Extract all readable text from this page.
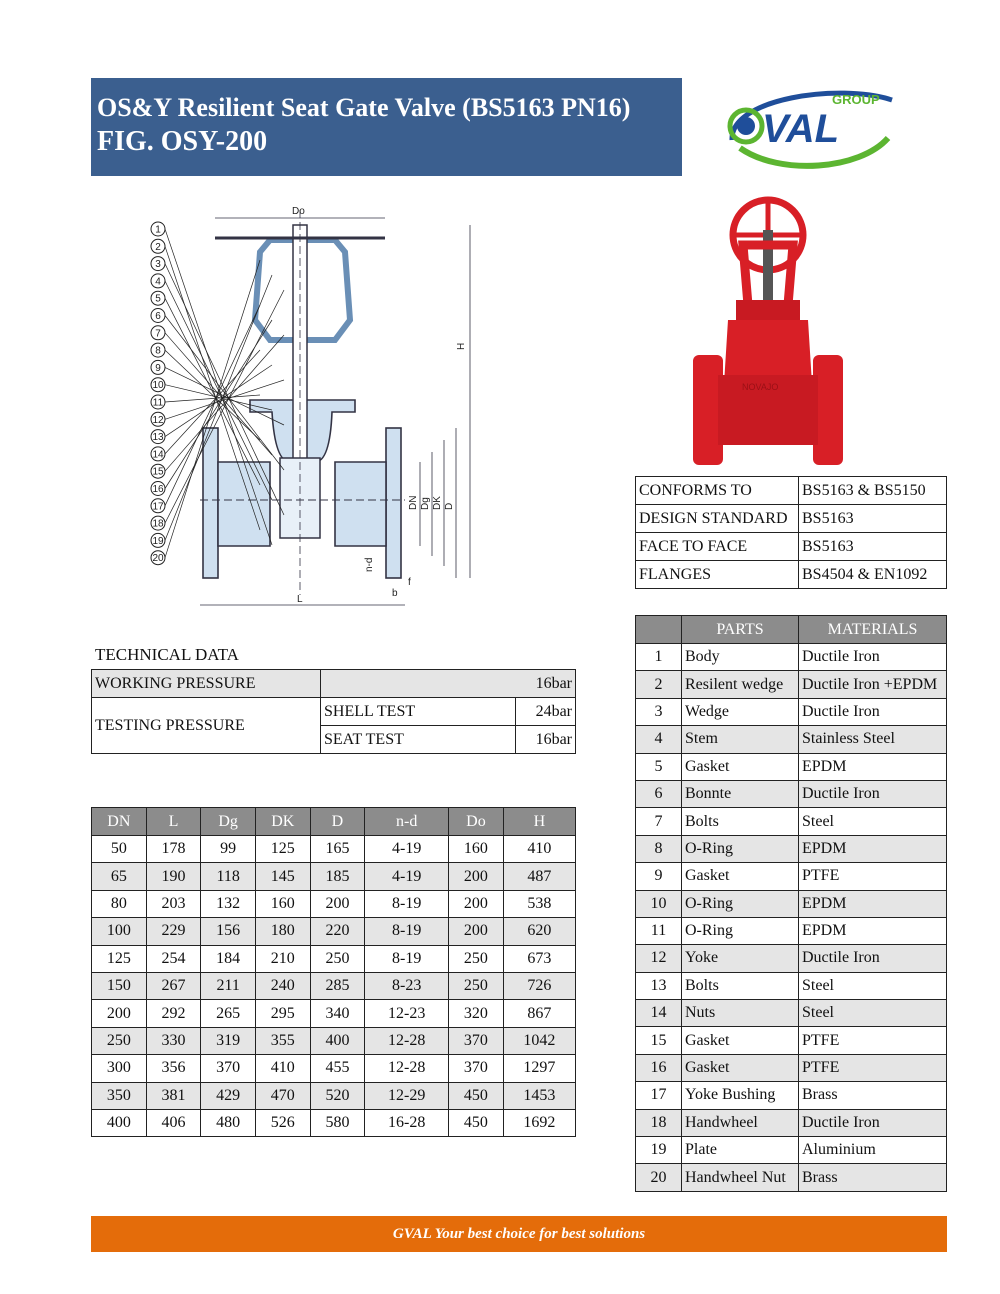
OS&Y Resilient Seat Gate Valve (BS5163 PN16)
FIG. OSY-200
GROUP
VAL
Do
H
DN Dg DK D
n-d
b
f
L
1
2
3
4
5
6
7
8
9
10
11
12
13
14
15
16
17
18
19
20
NOVAJO
CONFORMS TO	BS5163 & BS5150
DESIGN STANDARD	BS5163
FACE TO FACE	BS5163
FLANGES	BS4504 & EN1092
	PARTS	MATERIALS
1	Body	Ductile Iron
2	Resilent wedge	Ductile Iron +EPDM
3	Wedge	Ductile Iron
4	Stem	Stainless Steel
5	Gasket	EPDM
6	Bonnte	Ductile Iron
7	Bolts	Steel
8	O-Ring	EPDM
9	Gasket	PTFE
10	O-Ring	EPDM
11	O-Ring	EPDM
12	Yoke	Ductile Iron
13	Bolts	Steel
14	Nuts	Steel
15	Gasket	PTFE
16	Gasket	PTFE
17	Yoke Bushing	Brass
18	Handwheel	Ductile Iron
19	Plate	Aluminium
20	Handwheel Nut	Brass
TECHNICAL DATA
WORKING PRESSURE	16bar	
TESTING PRESSURE	SHELL TEST	24bar
	SEAT TEST	16bar
DN	L	Dg	DK	D	n-d	Do	H
50	178	99	125	165	4-19	160	410
65	190	118	145	185	4-19	200	487
80	203	132	160	200	8-19	200	538
100	229	156	180	220	8-19	200	620
125	254	184	210	250	8-19	250	673
150	267	211	240	285	8-23	250	726
200	292	265	295	340	12-23	320	867
250	330	319	355	400	12-28	370	1042
300	356	370	410	455	12-28	370	1297
350	381	429	470	520	12-29	450	1453
400	406	480	526	580	16-28	450	1692
GVAL Your best choice for best solutions
